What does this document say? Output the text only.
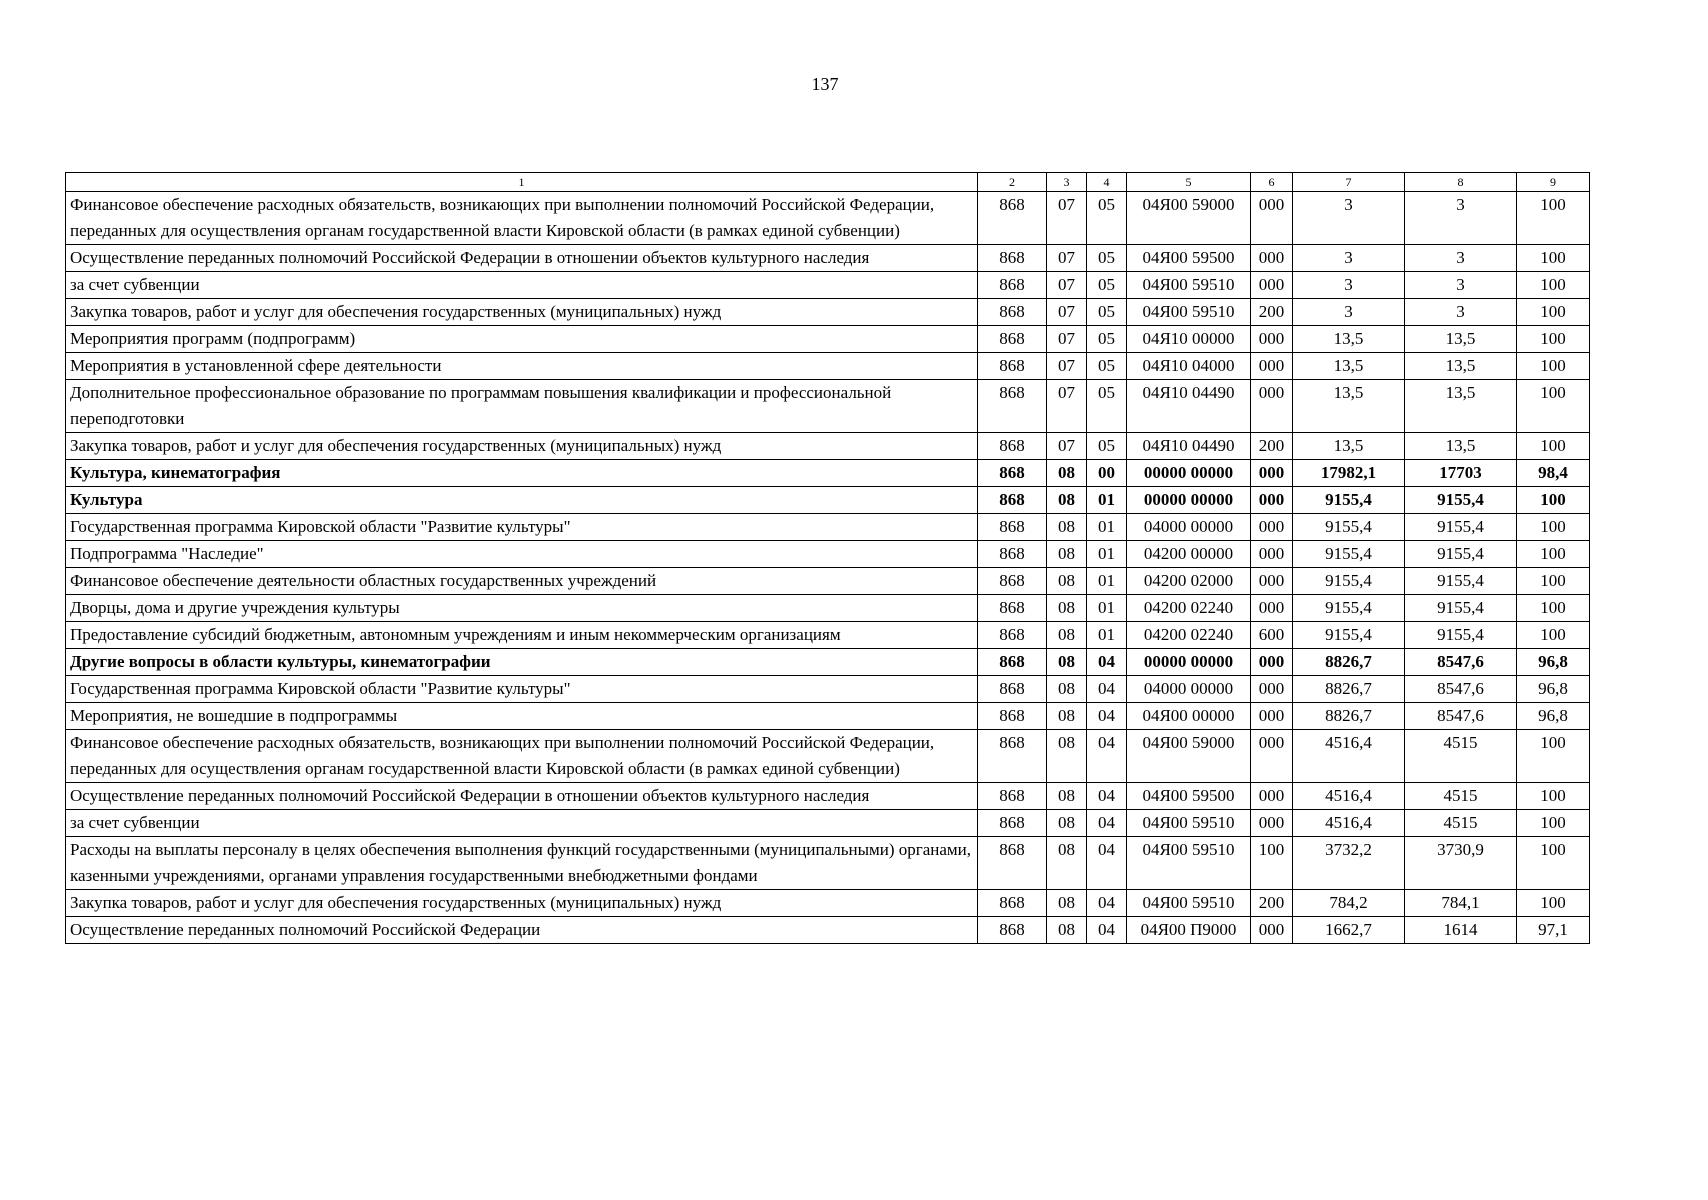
137
1	2	3	4	5	6	7	8	9
Финансовое обеспечение расходных обязательств, возникающих при выполнении полномочий Российской Федерации, переданных для осуществления органам государственной власти Кировской области (в рамках единой субвенции)	868	07	05	04Я00 59000	000	3	3	100
Осуществление переданных полномочий Российской Федерации в отношении объектов культурного наследия	868	07	05	04Я00 59500	000	3	3	100
за счет субвенции	868	07	05	04Я00 59510	000	3	3	100
Закупка товаров, работ и услуг для обеспечения государственных (муниципальных) нужд	868	07	05	04Я00 59510	200	3	3	100
Мероприятия программ (подпрограмм)	868	07	05	04Я10 00000	000	13,5	13,5	100
Мероприятия в установленной сфере деятельности	868	07	05	04Я10 04000	000	13,5	13,5	100
Дополнительное профессиональное образование по программам повышения квалификации и профессиональной переподготовки	868	07	05	04Я10 04490	000	13,5	13,5	100
Закупка товаров, работ и услуг для обеспечения государственных (муниципальных) нужд	868	07	05	04Я10 04490	200	13,5	13,5	100
Культура, кинематография	868	08	00	00000 00000	000	17982,1	17703	98,4
Культура	868	08	01	00000 00000	000	9155,4	9155,4	100
Государственная программа Кировской области "Развитие культуры"	868	08	01	04000 00000	000	9155,4	9155,4	100
Подпрограмма "Наследие"	868	08	01	04200 00000	000	9155,4	9155,4	100
Финансовое обеспечение деятельности областных государственных учреждений	868	08	01	04200 02000	000	9155,4	9155,4	100
Дворцы, дома и другие учреждения культуры	868	08	01	04200 02240	000	9155,4	9155,4	100
Предоставление субсидий бюджетным, автономным учреждениям и иным некоммерческим организациям	868	08	01	04200 02240	600	9155,4	9155,4	100
Другие вопросы в области культуры, кинематографии	868	08	04	00000 00000	000	8826,7	8547,6	96,8
Государственная программа Кировской области "Развитие культуры"	868	08	04	04000 00000	000	8826,7	8547,6	96,8
Мероприятия, не вошедшие в подпрограммы	868	08	04	04Я00 00000	000	8826,7	8547,6	96,8
Финансовое обеспечение расходных обязательств, возникающих при выполнении полномочий Российской Федерации, переданных для осуществления органам государственной власти Кировской области (в рамках единой субвенции)	868	08	04	04Я00 59000	000	4516,4	4515	100
Осуществление переданных полномочий Российской Федерации в отношении объектов культурного наследия	868	08	04	04Я00 59500	000	4516,4	4515	100
за счет субвенции	868	08	04	04Я00 59510	000	4516,4	4515	100
Расходы на выплаты персоналу в целях обеспечения выполнения функций государственными (муниципальными) органами, казенными учреждениями, органами управления государственными внебюджетными фондами	868	08	04	04Я00 59510	100	3732,2	3730,9	100
Закупка товаров, работ и услуг для обеспечения государственных (муниципальных) нужд	868	08	04	04Я00 59510	200	784,2	784,1	100
Осуществление переданных полномочий Российской Федерации	868	08	04	04Я00 П9000	000	1662,7	1614	97,1
